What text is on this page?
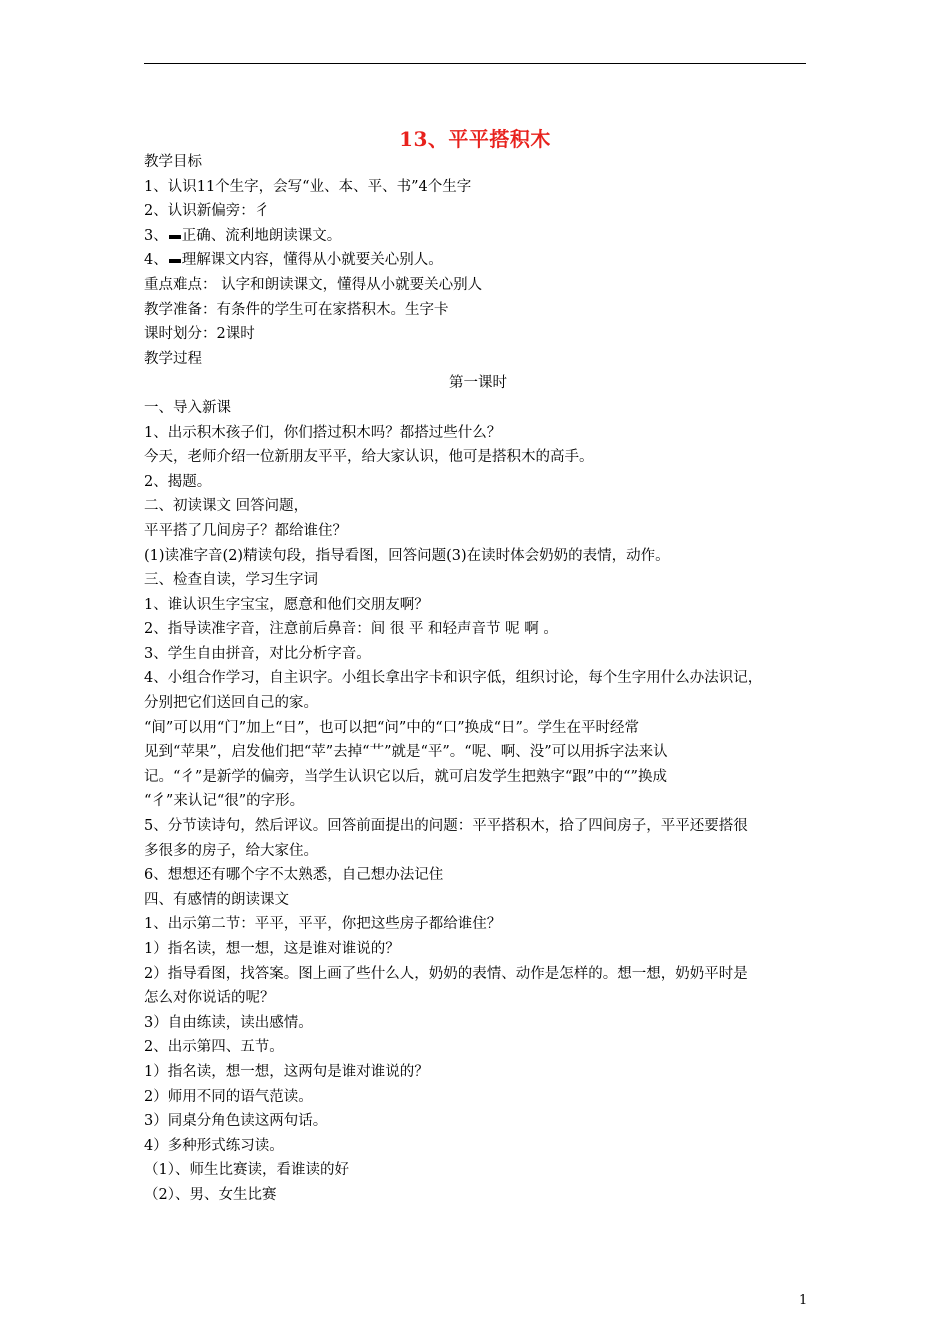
13、平平搭积木
教学目标
1、认识11个生字，会写“业、本、平、书”4个生字
2、认识新偏旁：彳
3、 正确、流利地朗读课文。
4、 理解课文内容，懂得从小就要关心别人。
重点难点： 认字和朗读课文，懂得从小就要关心别人
教学准备：有条件的学生可在家搭积木。生字卡
课时划分：2课时
教学过程
第一课时
一、导入新课
1、出示积木孩子们，你们搭过积木吗？都搭过些什么？
今天，老师介绍一位新朋友平平，给大家认识，他可是搭积木的高手。
2、揭题。
二、初读课文 回答问题，
平平搭了几间房子？都给谁住？
(1)读准字音(2)精读句段，指导看图，回答问题(3)在读时体会奶奶的表情，动作。
三、检查自读，学习生字词
1、谁认识生字宝宝，愿意和他们交朋友啊？
2、指导读准字音，注意前后鼻音：间 很 平 和轻声音节 呢 啊 。
3、学生自由拼音，对比分析字音。
4、小组合作学习，自主识字。小组长拿出字卡和识字低，组织讨论，每个生字用什么办法识记，
分别把它们送回自己的家。
“间”可以用“门”加上“日”，也可以把“问”中的“口”换成“日”。学生在平时经常
见到“苹果”，启发他们把“苹”去掉“艹”就是“平”。“呢、啊、没”可以用拆字法来认
记。“彳”是新学的偏旁，当学生认识它以后，就可启发学生把熟字“跟”中的“”换成
“彳”来认记“很”的字形。
5、分节读诗句，然后评议。回答前面提出的问题：平平搭积木，拾了四间房子，平平还要搭很
多很多的房子，给大家住。
6、想想还有哪个字不太熟悉，自己想办法记住
四、有感情的朗读课文
1、出示第二节：平平，平平，你把这些房子都给谁住？
1）指名读，想一想，这是谁对谁说的？
2）指导看图，找答案。图上画了些什么人，奶奶的表情、动作是怎样的。想一想，奶奶平时是
怎么对你说话的呢？
3）自由练读，读出感情。
2、出示第四、五节。
1）指名读，想一想，这两句是谁对谁说的？
2）师用不同的语气范读。
3）同桌分角色读这两句话。
4）多种形式练习读。
（1）、师生比赛读，看谁读的好
（2）、男、女生比赛
1
